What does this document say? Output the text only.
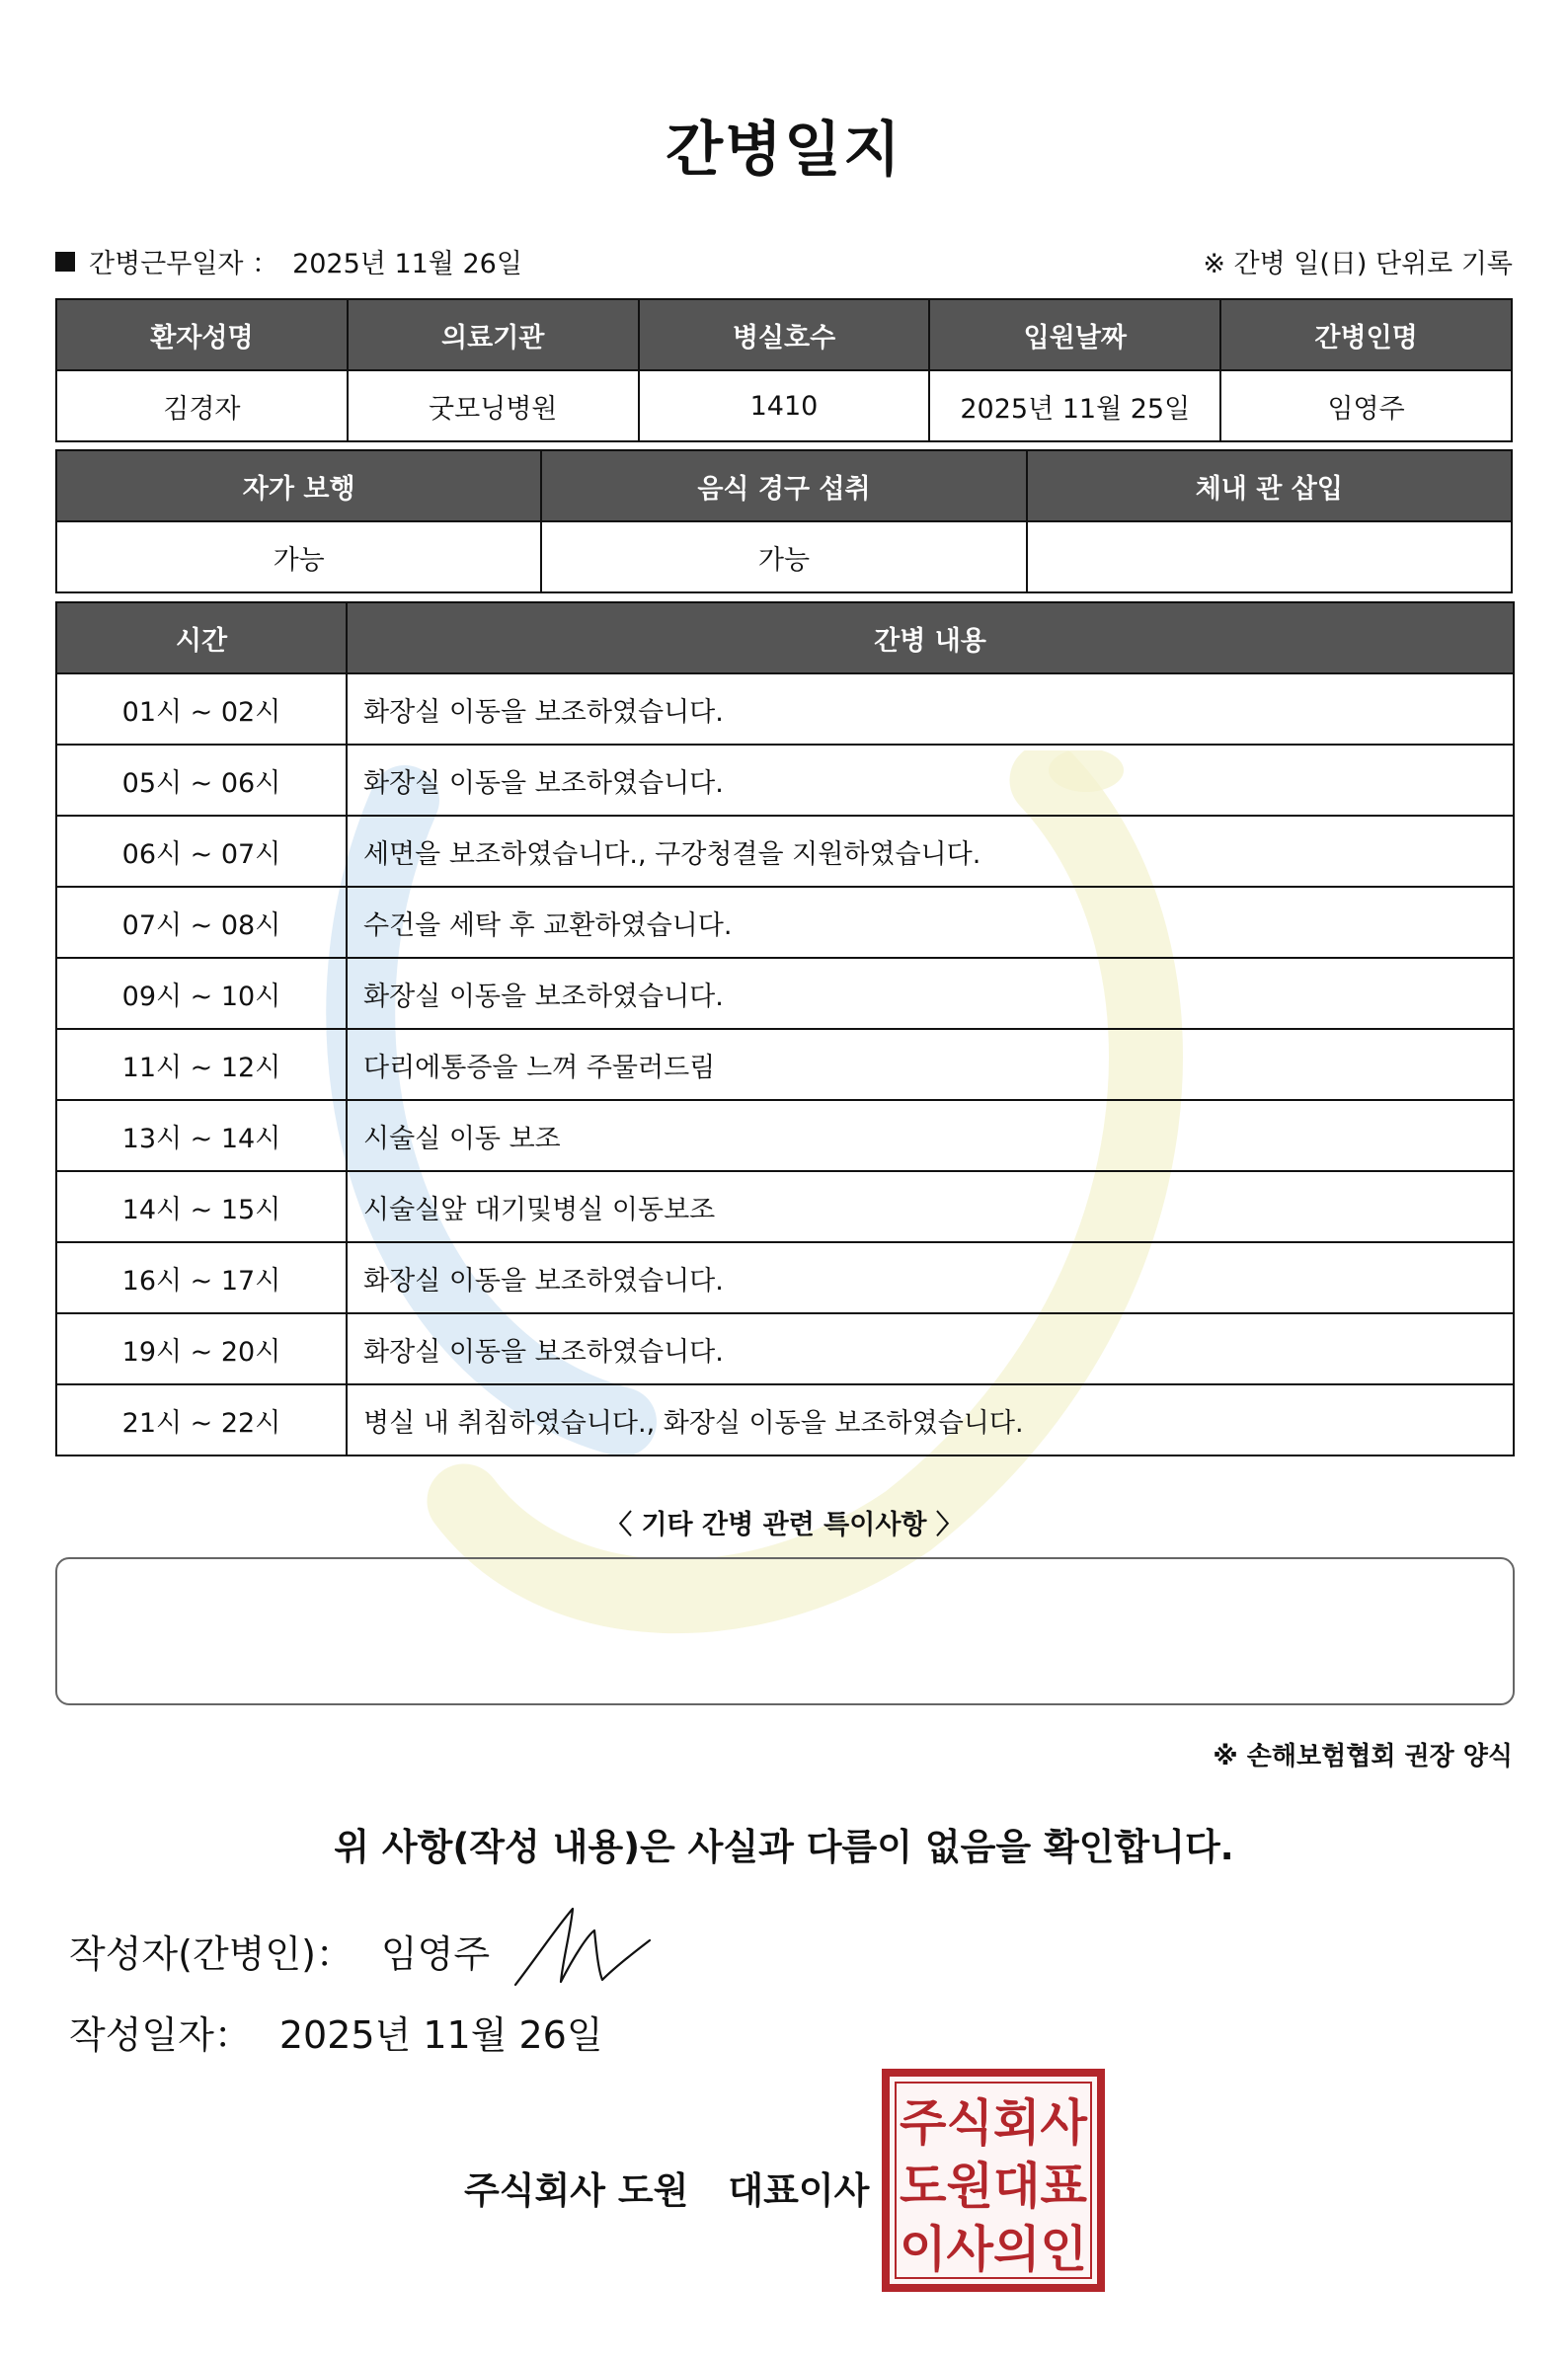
간병일지
간병근무일자 ： 2025년 11월 26일	※ 간병 일(日) 단위로 기록
환자성명	의료기관	병실호수	입원날짜	간병인명
김경자	굿모닝병원	1410	2025년 11월 25일	임영주
자가 보행	음식 경구 섭취	체내 관 삽입
가능	가능	
시간	간병 내용
01시 ~ 02시	화장실 이동을 보조하였습니다.
05시 ~ 06시	화장실 이동을 보조하였습니다.
06시 ~ 07시	세면을 보조하였습니다., 구강청결을 지원하였습니다.
07시 ~ 08시	수건을 세탁 후 교환하였습니다.
09시 ~ 10시	화장실 이동을 보조하였습니다.
11시 ~ 12시	다리에통증을 느껴 주물러드림
13시 ~ 14시	시술실 이동 보조
14시 ~ 15시	시술실앞 대기및병실 이동보조
16시 ~ 17시	화장실 이동을 보조하였습니다.
19시 ~ 20시	화장실 이동을 보조하였습니다.
21시 ~ 22시	병실 내 취침하였습니다., 화장실 이동을 보조하였습니다.
〈 기타 간병 관련 특이사항 〉
※ 손해보험협회 권장 양식
위 사항(작성 내용)은 사실과 다름이 없음을 확인합니다.
작성자(간병인)： 임영주
작성일자： 2025년 11월 26일
주식회사 도원 대표이사
주식회사
도원대표
이사의인
